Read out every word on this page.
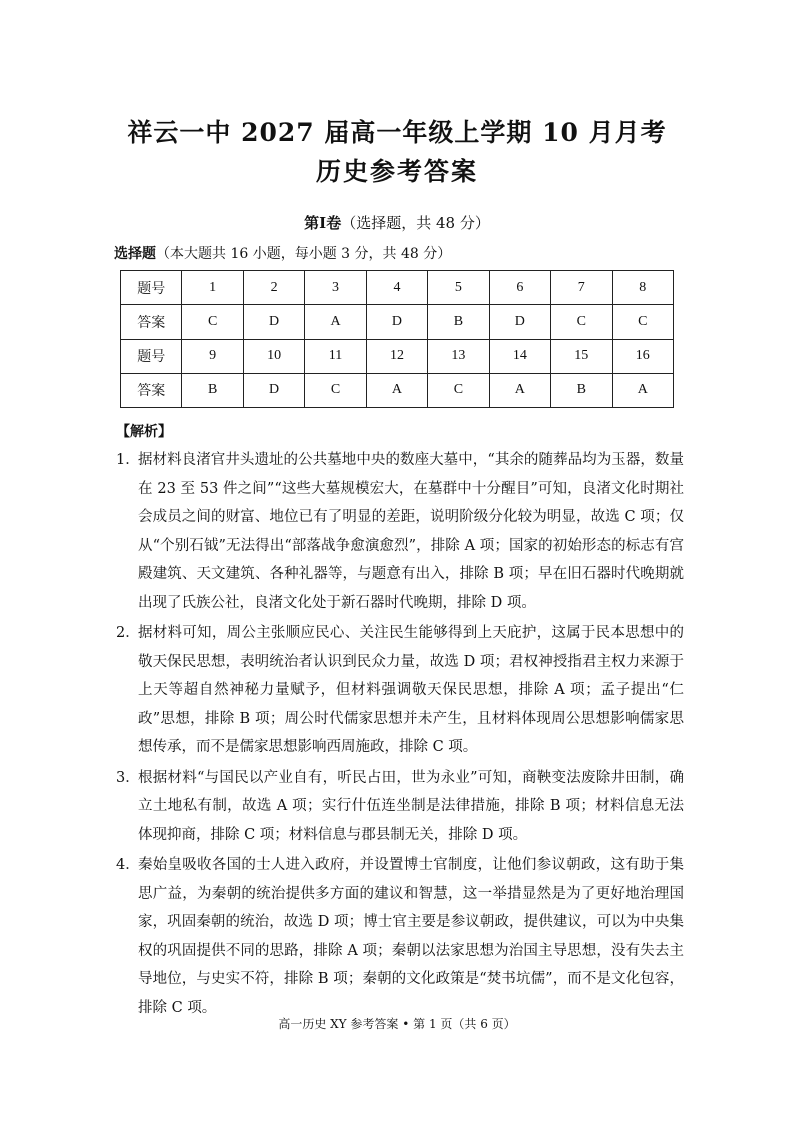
祥云一中 2027 届高一年级上学期 10 月月考
历史参考答案
第Ⅰ卷（选择题，共 48 分）
选择题（本大题共 16 小题，每小题 3 分，共 48 分）
题号	1	2	3	4	5	6	7	8
答案	C	D	A	D	B	D	C	C
题号	9	10	11	12	13	14	15	16
答案	B	D	C	A	C	A	B	A
【解析】
1．
据材料良渚官井头遗址的公共墓地中央的数座大墓中，“其余的随葬品均为玉器，数量在 23 至 53 件之间”“这些大墓规模宏大，在墓群中十分醒目”可知，良渚文化时期社会成员之间的财富、地位已有了明显的差距，说明阶级分化较为明显，故选 C 项；仅从“个别石钺”无法得出“部落战争愈演愈烈”，排除 A 项；国家的初始形态的标志有宫殿建筑、天文建筑、各种礼器等，与题意有出入，排除 B 项；早在旧石器时代晚期就出现了氏族公社，良渚文化处于新石器时代晚期，排除 D 项。
2．
据材料可知，周公主张顺应民心、关注民生能够得到上天庇护，这属于民本思想中的敬天保民思想，表明统治者认识到民众力量，故选 D 项；君权神授指君主权力来源于上天等超自然神秘力量赋予，但材料强调敬天保民思想，排除 A 项；孟子提出“仁政”思想，排除 B 项；周公时代儒家思想并未产生，且材料体现周公思想影响儒家思想传承，而不是儒家思想影响西周施政，排除 C 项。
3．
根据材料“与国民以产业自有，听民占田，世为永业”可知，商鞅变法废除井田制，确立土地私有制，故选 A 项；实行什伍连坐制是法律措施，排除 B 项；材料信息无法体现抑商，排除 C 项；材料信息与郡县制无关，排除 D 项。
4．
秦始皇吸收各国的士人进入政府，并设置博士官制度，让他们参议朝政，这有助于集思广益，为秦朝的统治提供多方面的建议和智慧，这一举措显然是为了更好地治理国家，巩固秦朝的统治，故选 D 项；博士官主要是参议朝政，提供建议，可以为中央集权的巩固提供不同的思路，排除 A 项；秦朝以法家思想为治国主导思想，没有失去主导地位，与史实不符，排除 B 项；秦朝的文化政策是“焚书坑儒”，而不是文化包容，排除 C 项。
高一历史 XY 参考答案 • 第 1 页（共 6 页）
